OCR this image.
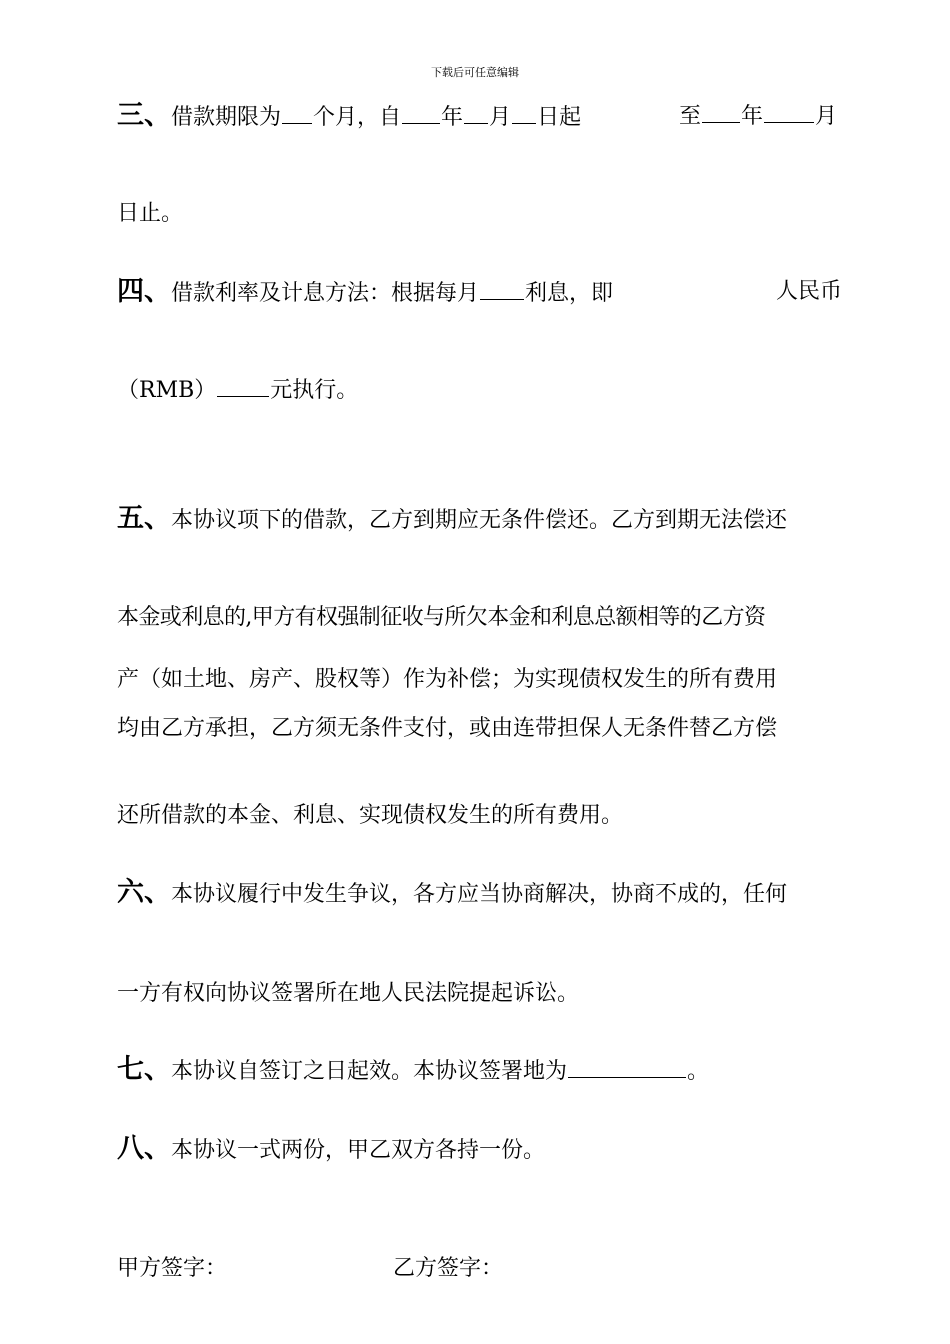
下载后可任意编辑
三、借款期限为 个月，自 年 月 日起	至 年 月
日止。
四、借款利率及计息方法：根据每月 利息，即	人民币
（RMB） 元执行。
五、本协议项下的借款，乙方到期应无条件偿还。乙方到期无法偿还
本金或利息的,甲方有权强制征收与所欠本金和利息总额相等的乙方资
产（如土地、房产、股权等）作为补偿；为实现债权发生的所有费用
均由乙方承担，乙方须无条件支付，或由连带担保人无条件替乙方偿
还所借款的本金、利息、实现债权发生的所有费用。
六、本协议履行中发生争议，各方应当协商解决，协商不成的，任何
一方有权向协议签署所在地人民法院提起诉讼。
七、本协议自签订之日起效。本协议签署地为	。
八、本协议一式两份，甲乙双方各持一份。
甲方签字：	乙方签字：
